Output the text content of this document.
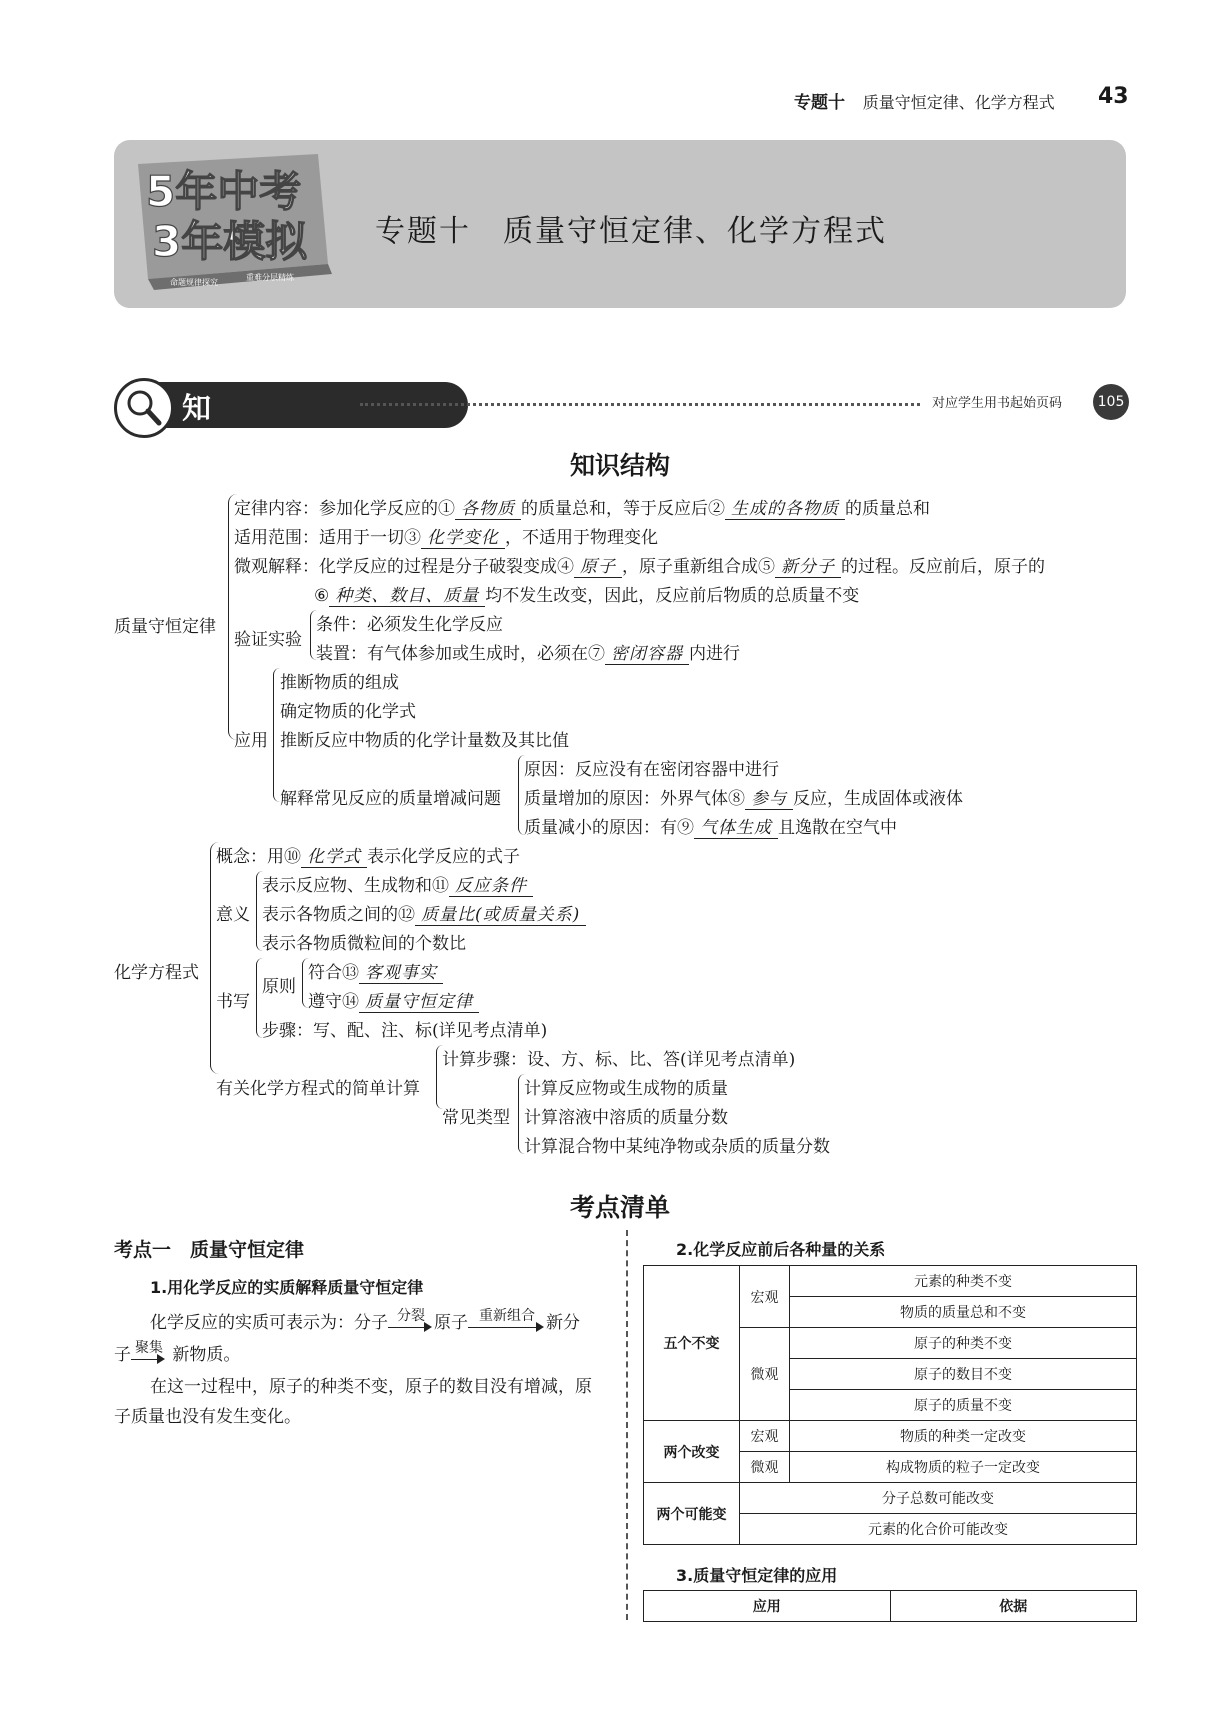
专题十 质量守恒定律、化学方程式 43
5年中考
3年模拟
命题规律探究
重难分层精练
专题十　质量守恒定律、化学方程式
知识清单
对应学生用书起始页码	105
知识结构
质量守恒定律
定律内容：参加化学反应的① 各物质 的质量总和，等于反应后② 生成的各物质 的质量总和
适用范围：适用于一切③ 化学变化 ，不适用于物理变化
微观解释：化学反应的过程是分子破裂变成④ 原子 ，原子重新组合成⑤ 新分子 的过程。反应前后，原子的
⑥ 种类、数目、质量 均不发生改变，因此，反应前后物质的总质量不变
验证实验
条件：必须发生化学反应
装置：有气体参加或生成时，必须在⑦ 密闭容器 内进行
应用
推断物质的组成
确定物质的化学式
推断反应中物质的化学计量数及其比值
解释常见反应的质量增减问题
原因：反应没有在密闭容器中进行
质量增加的原因：外界气体⑧ 参与 反应，生成固体或液体
质量减小的原因：有⑨ 气体生成 且逸散在空气中
化学方程式
概念：用⑩ 化学式 表示化学反应的式子
意义
表示反应物、生成物和⑪ 反应条件
表示各物质之间的⑫ 质量比(或质量关系)
表示各物质微粒间的个数比
书写
原则
符合⑬ 客观事实
遵守⑭ 质量守恒定律
步骤：写、配、注、标(详见考点清单)
有关化学方程式的简单计算
计算步骤：设、方、标、比、答(详见考点清单)
常见类型
计算反应物或生成物的质量
计算溶液中溶质的质量分数
计算混合物中某纯净物或杂质的质量分数
考点清单
考点一　质量守恒定律
1.用化学反应的实质解释质量守恒定律
化学反应的实质可表示为：分子 分裂 原子 重新组合 新分
子 聚集 新物质。
在这一过程中，原子的种类不变，原子的数目没有增减，原
子质量也没有发生变化。
2.化学反应前后各种量的关系
五个不变	宏观	元素的种类不变
		物质的质量总和不变
	微观	原子的种类不变
		原子的数目不变
		原子的质量不变
两个改变	宏观	物质的种类一定改变
	微观	构成物质的粒子一定改变
两个可能变	分子总数可能改变	
	元素的化合价可能改变	
3.质量守恒定律的应用
应用	依据
